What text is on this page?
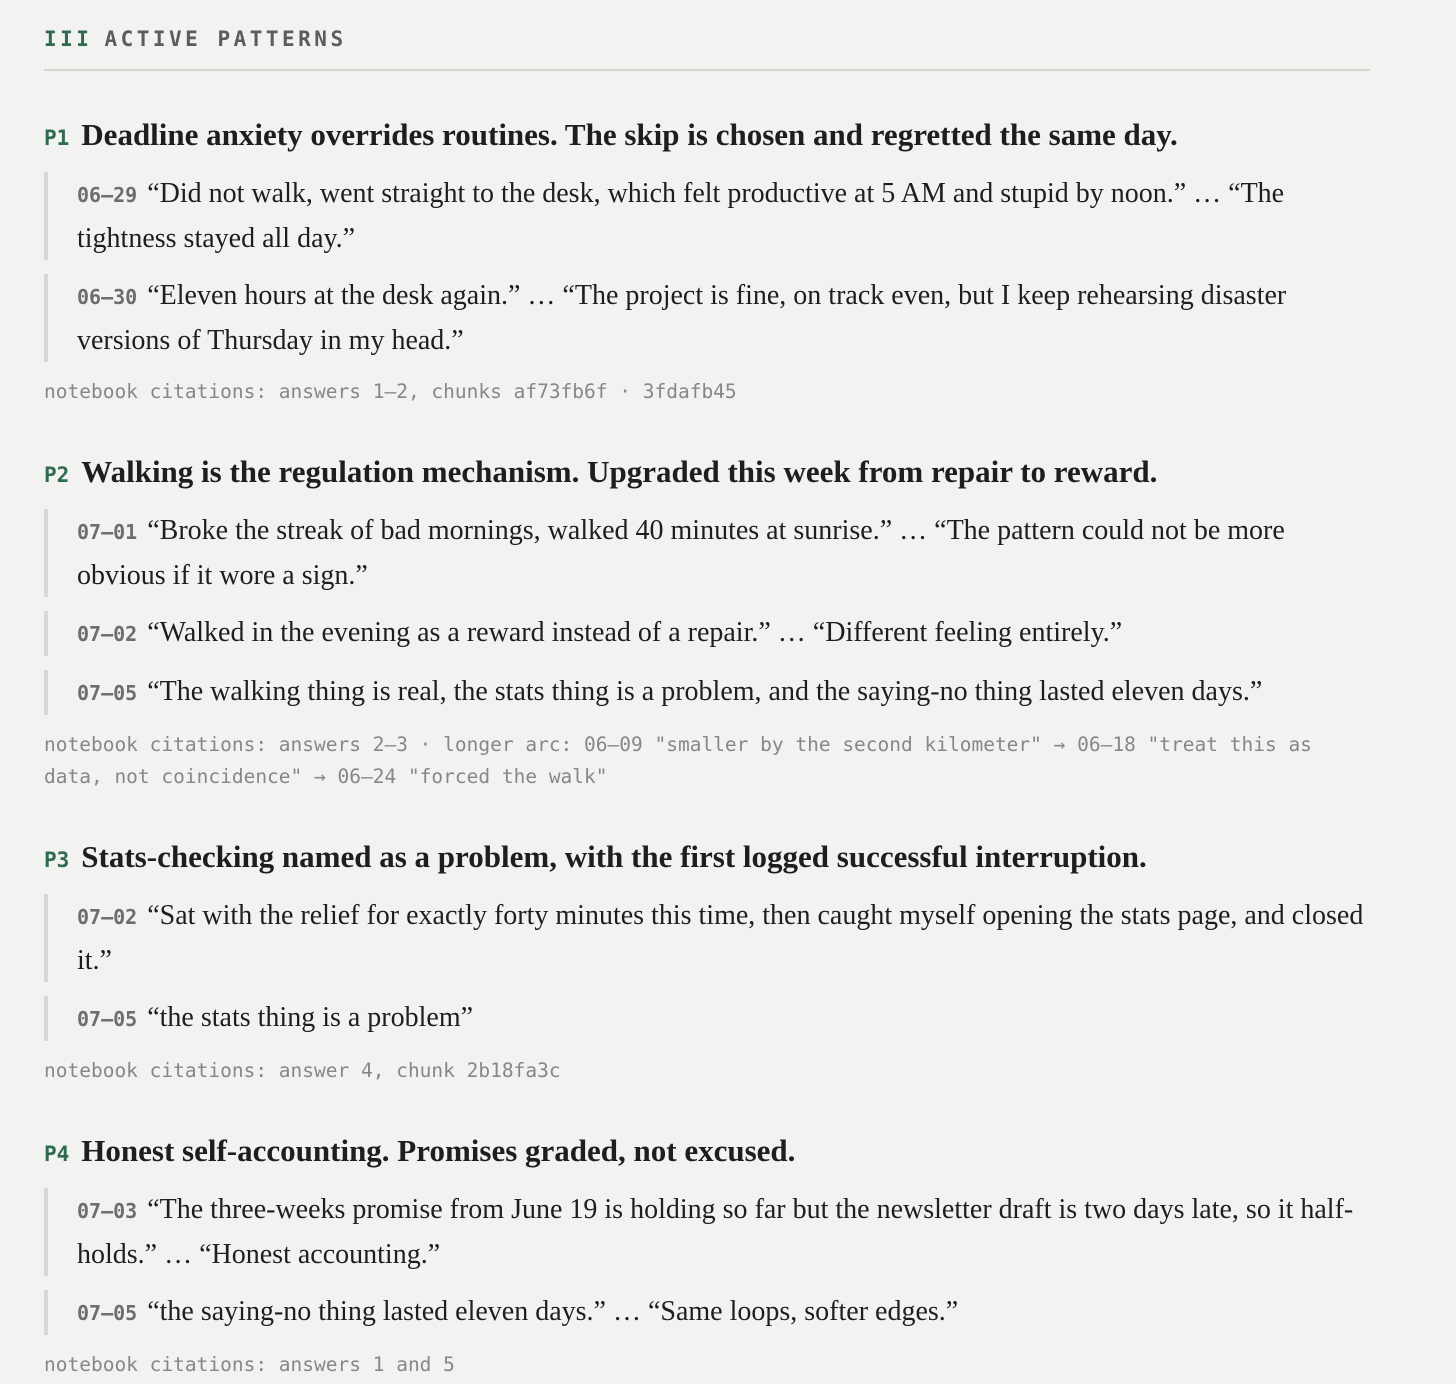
III ACTIVE PATTERNS
P1 Deadline anxiety overrides routines. The skip is chosen and regretted the same day.
06–29 “Did not walk, went straight to the desk, which felt productive at 5 AM and stupid by noon.” … “The tightness stayed all day.”
06–30 “Eleven hours at the desk again.” … “The project is fine, on track even, but I keep rehearsing disaster versions of Thursday in my head.”
notebook citations: answers 1–2, chunks af73fb6f · 3fdafb45
P2 Walking is the regulation mechanism. Upgraded this week from repair to reward.
07–01 “Broke the streak of bad mornings, walked 40 minutes at sunrise.” … “The pattern could not be more obvious if it wore a sign.”
07–02 “Walked in the evening as a reward instead of a repair.” … “Different feeling entirely.”
07–05 “The walking thing is real, the stats thing is a problem, and the saying-no thing lasted eleven days.”
notebook citations: answers 2–3 · longer arc: 06–09 "smaller by the second kilometer" → 06–18 "treat this as data, not coincidence" → 06–24 "forced the walk"
P3 Stats-checking named as a problem, with the first logged successful interruption.
07–02 “Sat with the relief for exactly forty minutes this time, then caught myself opening the stats page, and closed it.”
07–05 “the stats thing is a problem”
notebook citations: answer 4, chunk 2b18fa3c
P4 Honest self-accounting. Promises graded, not excused.
07–03 “The three-weeks promise from June 19 is holding so far but the newsletter draft is two days late, so it half-holds.” … “Honest accounting.”
07–05 “the saying-no thing lasted eleven days.” … “Same loops, softer edges.”
notebook citations: answers 1 and 5
